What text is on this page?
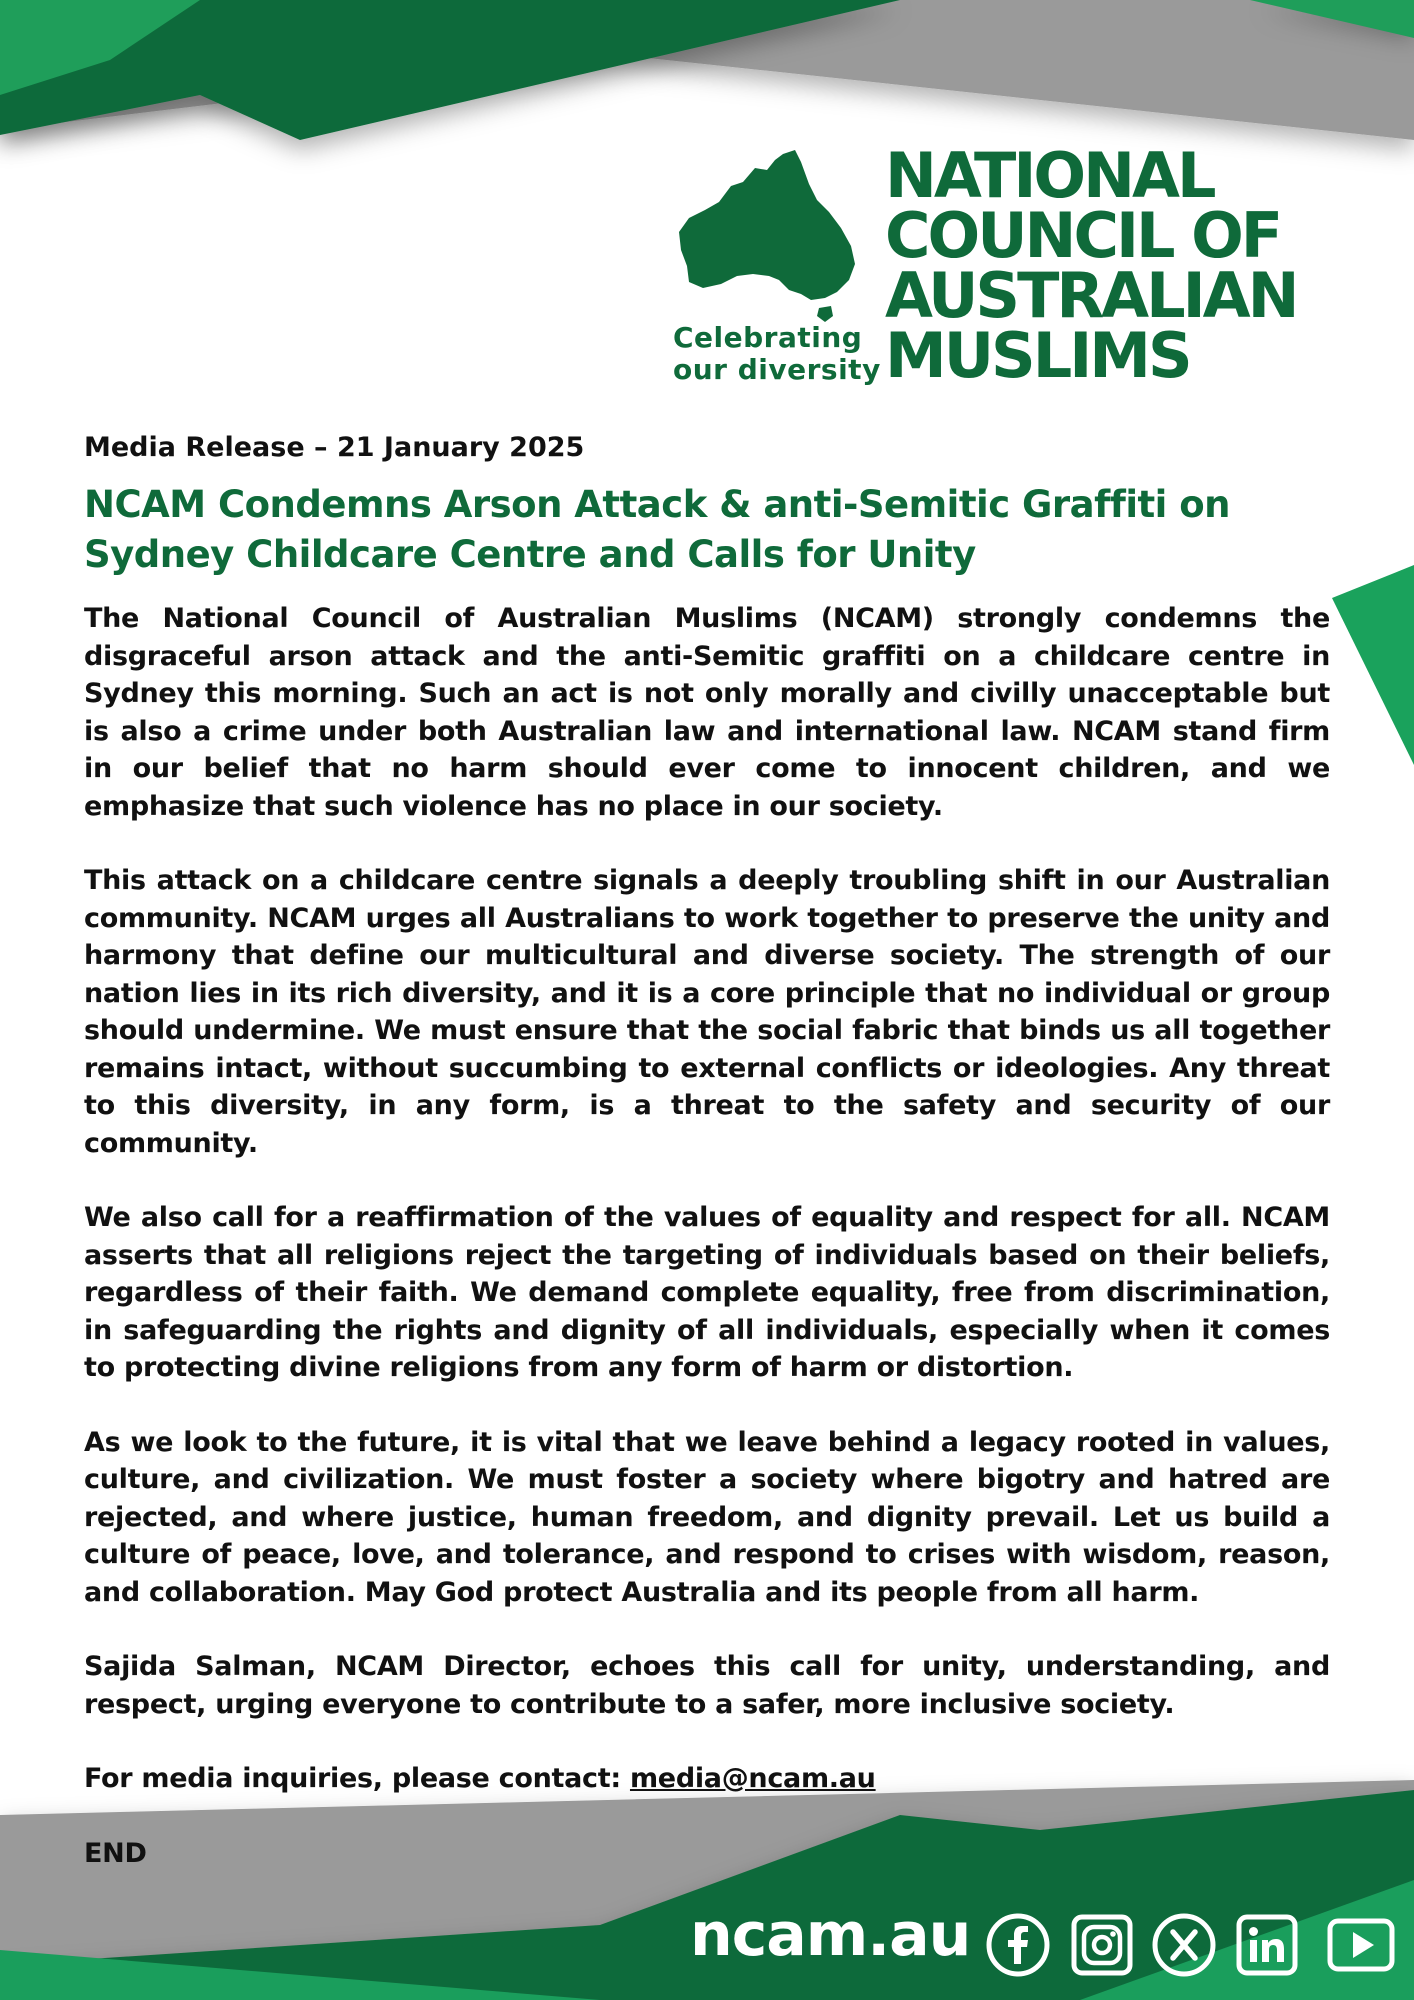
Celebrating
our diversity
NATIONAL
COUNCIL OF
AUSTRALIAN
MUSLIMS
Media Release – 21 January 2025
NCAM Condemns Arson Attack & anti-Semitic Graffiti on Sydney Childcare Centre and Calls for Unity

The National Council of Australian Muslims (NCAM) strongly condemns the disgraceful arson attack and the anti-Semitic graffiti on a childcare centre in Sydney this morning. Such an act is not only morally and civilly unacceptable but is also a crime under both Australian law and international law. NCAM stand firm in our belief that no harm should ever come to innocent children, and we emphasize that such violence has no place in our society.

This attack on a childcare centre signals a deeply troubling shift in our Australian community. NCAM urges all Australians to work together to preserve the unity and harmony that define our multicultural and diverse society. The strength of our nation lies in its rich diversity, and it is a core principle that no individual or group should undermine. We must ensure that the social fabric that binds us all together remains intact, without succumbing to external conflicts or ideologies. Any threat to this diversity, in any form, is a threat to the safety and security of our community.

We also call for a reaffirmation of the values of equality and respect for all. NCAM asserts that all religions reject the targeting of individuals based on their beliefs, regardless of their faith. We demand complete equality, free from discrimination, in safeguarding the rights and dignity of all individuals, especially when it comes to protecting divine religions from any form of harm or distortion.

As we look to the future, it is vital that we leave behind a legacy rooted in values, culture, and civilization. We must foster a society where bigotry and hatred are rejected, and where justice, human freedom, and dignity prevail. Let us build a culture of peace, love, and tolerance, and respond to crises with wisdom, reason, and collaboration. May God protect Australia and its people from all harm.

Sajida Salman, NCAM Director, echoes this call for unity, understanding, and respect, urging everyone to contribute to a safer, more inclusive society.

For media inquiries, please contact: media@ncam.au

END

ncam.au
